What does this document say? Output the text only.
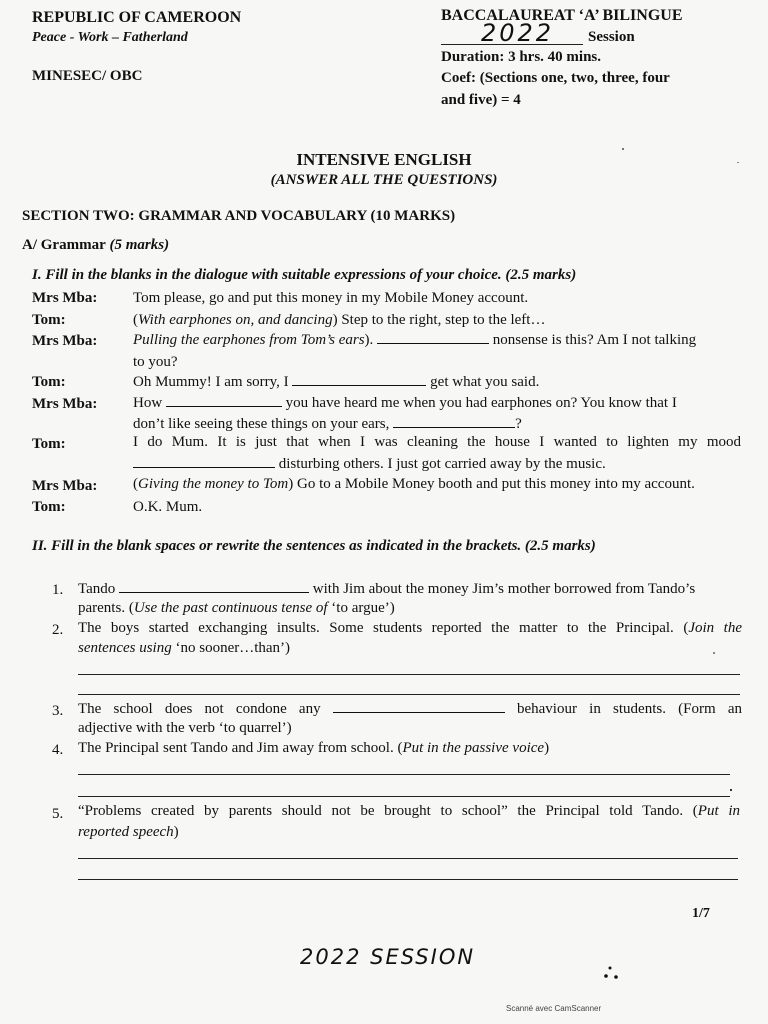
REPUBLIC OF CAMEROON
Peace - Work – Fatherland
MINESEC/ OBC
BACCALAUREAT ‘A’ BILINGUE
2022 Session
Duration: 3 hrs. 40 mins.
Coef: (Sections one, two, three, four
and five) = 4
INTENSIVE ENGLISH
(ANSWER ALL THE QUESTIONS)
SECTION TWO: GRAMMAR AND VOCABULARY (10 MARKS)
A/ Grammar (5 marks)
I. Fill in the blanks in the dialogue with suitable expressions of your choice. (2.5 marks)
Mrs Mba: Tom please, go and put this money in my Mobile Money account.
Tom:	(With earphones on, and dancing) Step to the right, step to the left…
Mrs Mba: Pulling the earphones from Tom’s ears).	nonsense is this? Am I not talking
to you?
Tom:	Oh Mummy! I am sorry, I	get what you said.
Mrs Mba: How	you have heard me when you had earphones on? You know that I
don’t like seeing these things on your ears,	?
Tom:	I do Mum. It is just that when I was cleaning the house I wanted to lighten my mood
disturbing others. I just got carried away by the music.
Mrs Mba: (Giving the money to Tom) Go to a Mobile Money booth and put this money into my account.
Tom:	O.K. Mum.
II. Fill in the blank spaces or rewrite the sentences as indicated in the brackets. (2.5 marks)
1. Tando	with Jim about the money Jim’s mother borrowed from Tando’s
parents. (Use the past continuous tense of ‘to argue’)
2. The boys started exchanging insults. Some students reported the matter to the Principal. (Join the
sentences using ‘no sooner…than’)
3. The school does not condone any	behaviour in students. (Form an
adjective with the verb ‘to quarrel’)
4. The Principal sent Tando and Jim away from school. (Put in the passive voice)
5. “Problems created by parents should not be brought to school” the Principal told Tando. (Put in
reported speech)
1/7
2022 SESSION
Scanné avec CamScanner
